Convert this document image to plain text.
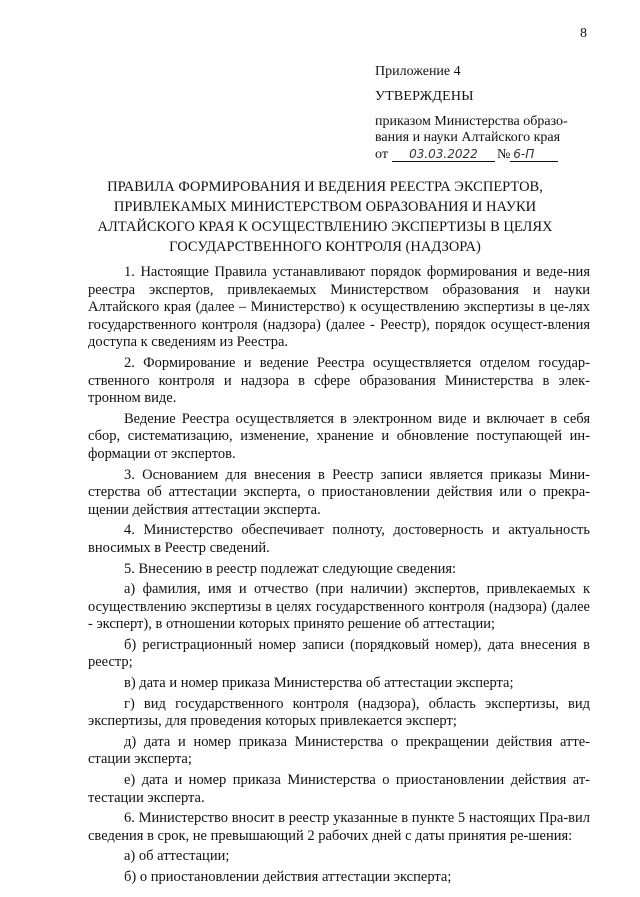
8
Приложение 4
УТВЕРЖДЕНЫ
приказом Министерства образо-
вания и науки Алтайского края
от 03.03.2022 № 6-П
ПРАВИЛА ФОРМИРОВАНИЯ И ВЕДЕНИЯ РЕЕСТРА ЭКСПЕРТОВ,
ПРИВЛЕКАМЫХ МИНИСТЕРСТВОМ ОБРАЗОВАНИЯ И НАУКИ
АЛТАЙСКОГО КРАЯ К ОСУЩЕСТВЛЕНИЮ ЭКСПЕРТИЗЫ В ЦЕЛЯХ
ГОСУДАРСТВЕННОГО КОНТРОЛЯ (НАДЗОРА)

1. Настоящие Правила устанавливают порядок формирования и веде-ния реестра экспертов, привлекаемых Министерством образования и науки Алтайского края (далее – Министерство) к осуществлению экспертизы в це-лях государственного контроля (надзора) (далее - Реестр), порядок осущест-вления доступа к сведениям из Реестра.

2. Формирование и ведение Реестра осуществляется отделом государ-ственного контроля и надзора в сфере образования Министерства в элек-тронном виде.

Ведение Реестра осуществляется в электронном виде и включает в себя сбор, систематизацию, изменение, хранение и обновление поступающей ин-формации от экспертов.

3. Основанием для внесения в Реестр записи является приказы Мини-стерства об аттестации эксперта, о приостановлении действия или о прекра-щении действия аттестации эксперта.

4. Министерство обеспечивает полноту, достоверность и актуальность вносимых в Реестр сведений.

5. Внесению в реестр подлежат следующие сведения:

а) фамилия, имя и отчество (при наличии) экспертов, привлекаемых к осуществлению экспертизы в целях государственного контроля (надзора) (далее - эксперт), в отношении которых принято решение об аттестации;

б) регистрационный номер записи (порядковый номер), дата внесения в реестр;

в) дата и номер приказа Министерства об аттестации эксперта;

г) вид государственного контроля (надзора), область экспертизы, вид экспертизы, для проведения которых привлекается эксперт;

д) дата и номер приказа Министерства о прекращении действия атте-стации эксперта;

е) дата и номер приказа Министерства о приостановлении действия ат-тестации эксперта.

6. Министерство вносит в реестр указанные в пункте 5 настоящих Пра-вил сведения в срок, не превышающий 2 рабочих дней с даты принятия ре-шения:

а) об аттестации;

б) о приостановлении действия аттестации эксперта;
